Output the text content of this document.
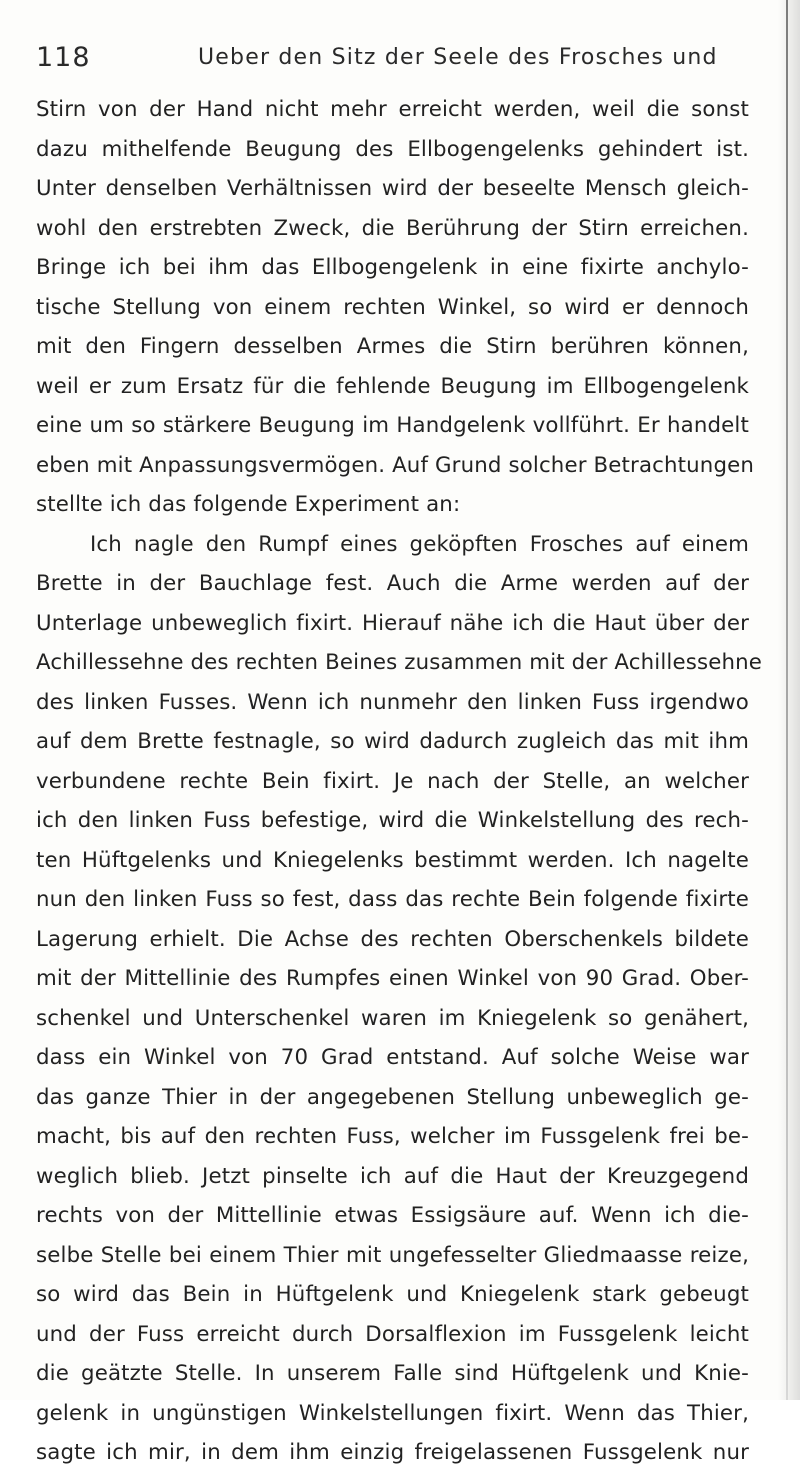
118	Ueber den Sitz der Seele des Frosches und
Stirn von der Hand nicht mehr erreicht werden, weil die sonst
dazu mithelfende Beugung des Ellbogengelenks gehindert ist.
Unter denselben Verhältnissen wird der beseelte Mensch gleich-
wohl den erstrebten Zweck, die Berührung der Stirn erreichen.
Bringe ich bei ihm das Ellbogengelenk in eine fixirte anchylo-
tische Stellung von einem rechten Winkel, so wird er dennoch
mit den Fingern desselben Armes die Stirn berühren können,
weil er zum Ersatz für die fehlende Beugung im Ellbogengelenk
eine um so stärkere Beugung im Handgelenk vollführt. Er handelt
eben mit Anpassungsvermögen. Auf Grund solcher Betrachtungen
stellte ich das folgende Experiment an:
Ich nagle den Rumpf eines geköpften Frosches auf einem
Brette in der Bauchlage fest. Auch die Arme werden auf der
Unterlage unbeweglich fixirt. Hierauf nähe ich die Haut über der
Achillessehne des rechten Beines zusammen mit der Achillessehne
des linken Fusses. Wenn ich nunmehr den linken Fuss irgendwo
auf dem Brette festnagle, so wird dadurch zugleich das mit ihm
verbundene rechte Bein fixirt. Je nach der Stelle, an welcher
ich den linken Fuss befestige, wird die Winkelstellung des rech-
ten Hüftgelenks und Kniegelenks bestimmt werden. Ich nagelte
nun den linken Fuss so fest, dass das rechte Bein folgende fixirte
Lagerung erhielt. Die Achse des rechten Oberschenkels bildete
mit der Mittellinie des Rumpfes einen Winkel von 90 Grad. Ober-
schenkel und Unterschenkel waren im Kniegelenk so genähert,
dass ein Winkel von 70 Grad entstand. Auf solche Weise war
das ganze Thier in der angegebenen Stellung unbeweglich ge-
macht, bis auf den rechten Fuss, welcher im Fussgelenk frei be-
weglich blieb. Jetzt pinselte ich auf die Haut der Kreuzgegend
rechts von der Mittellinie etwas Essigsäure auf. Wenn ich die-
selbe Stelle bei einem Thier mit ungefesselter Gliedmaasse reize,
so wird das Bein in Hüftgelenk und Kniegelenk stark gebeugt
und der Fuss erreicht durch Dorsalflexion im Fussgelenk leicht
die geätzte Stelle. In unserem Falle sind Hüftgelenk und Knie-
gelenk in ungünstigen Winkelstellungen fixirt. Wenn das Thier,
sagte ich mir, in dem ihm einzig freigelassenen Fussgelenk nur
